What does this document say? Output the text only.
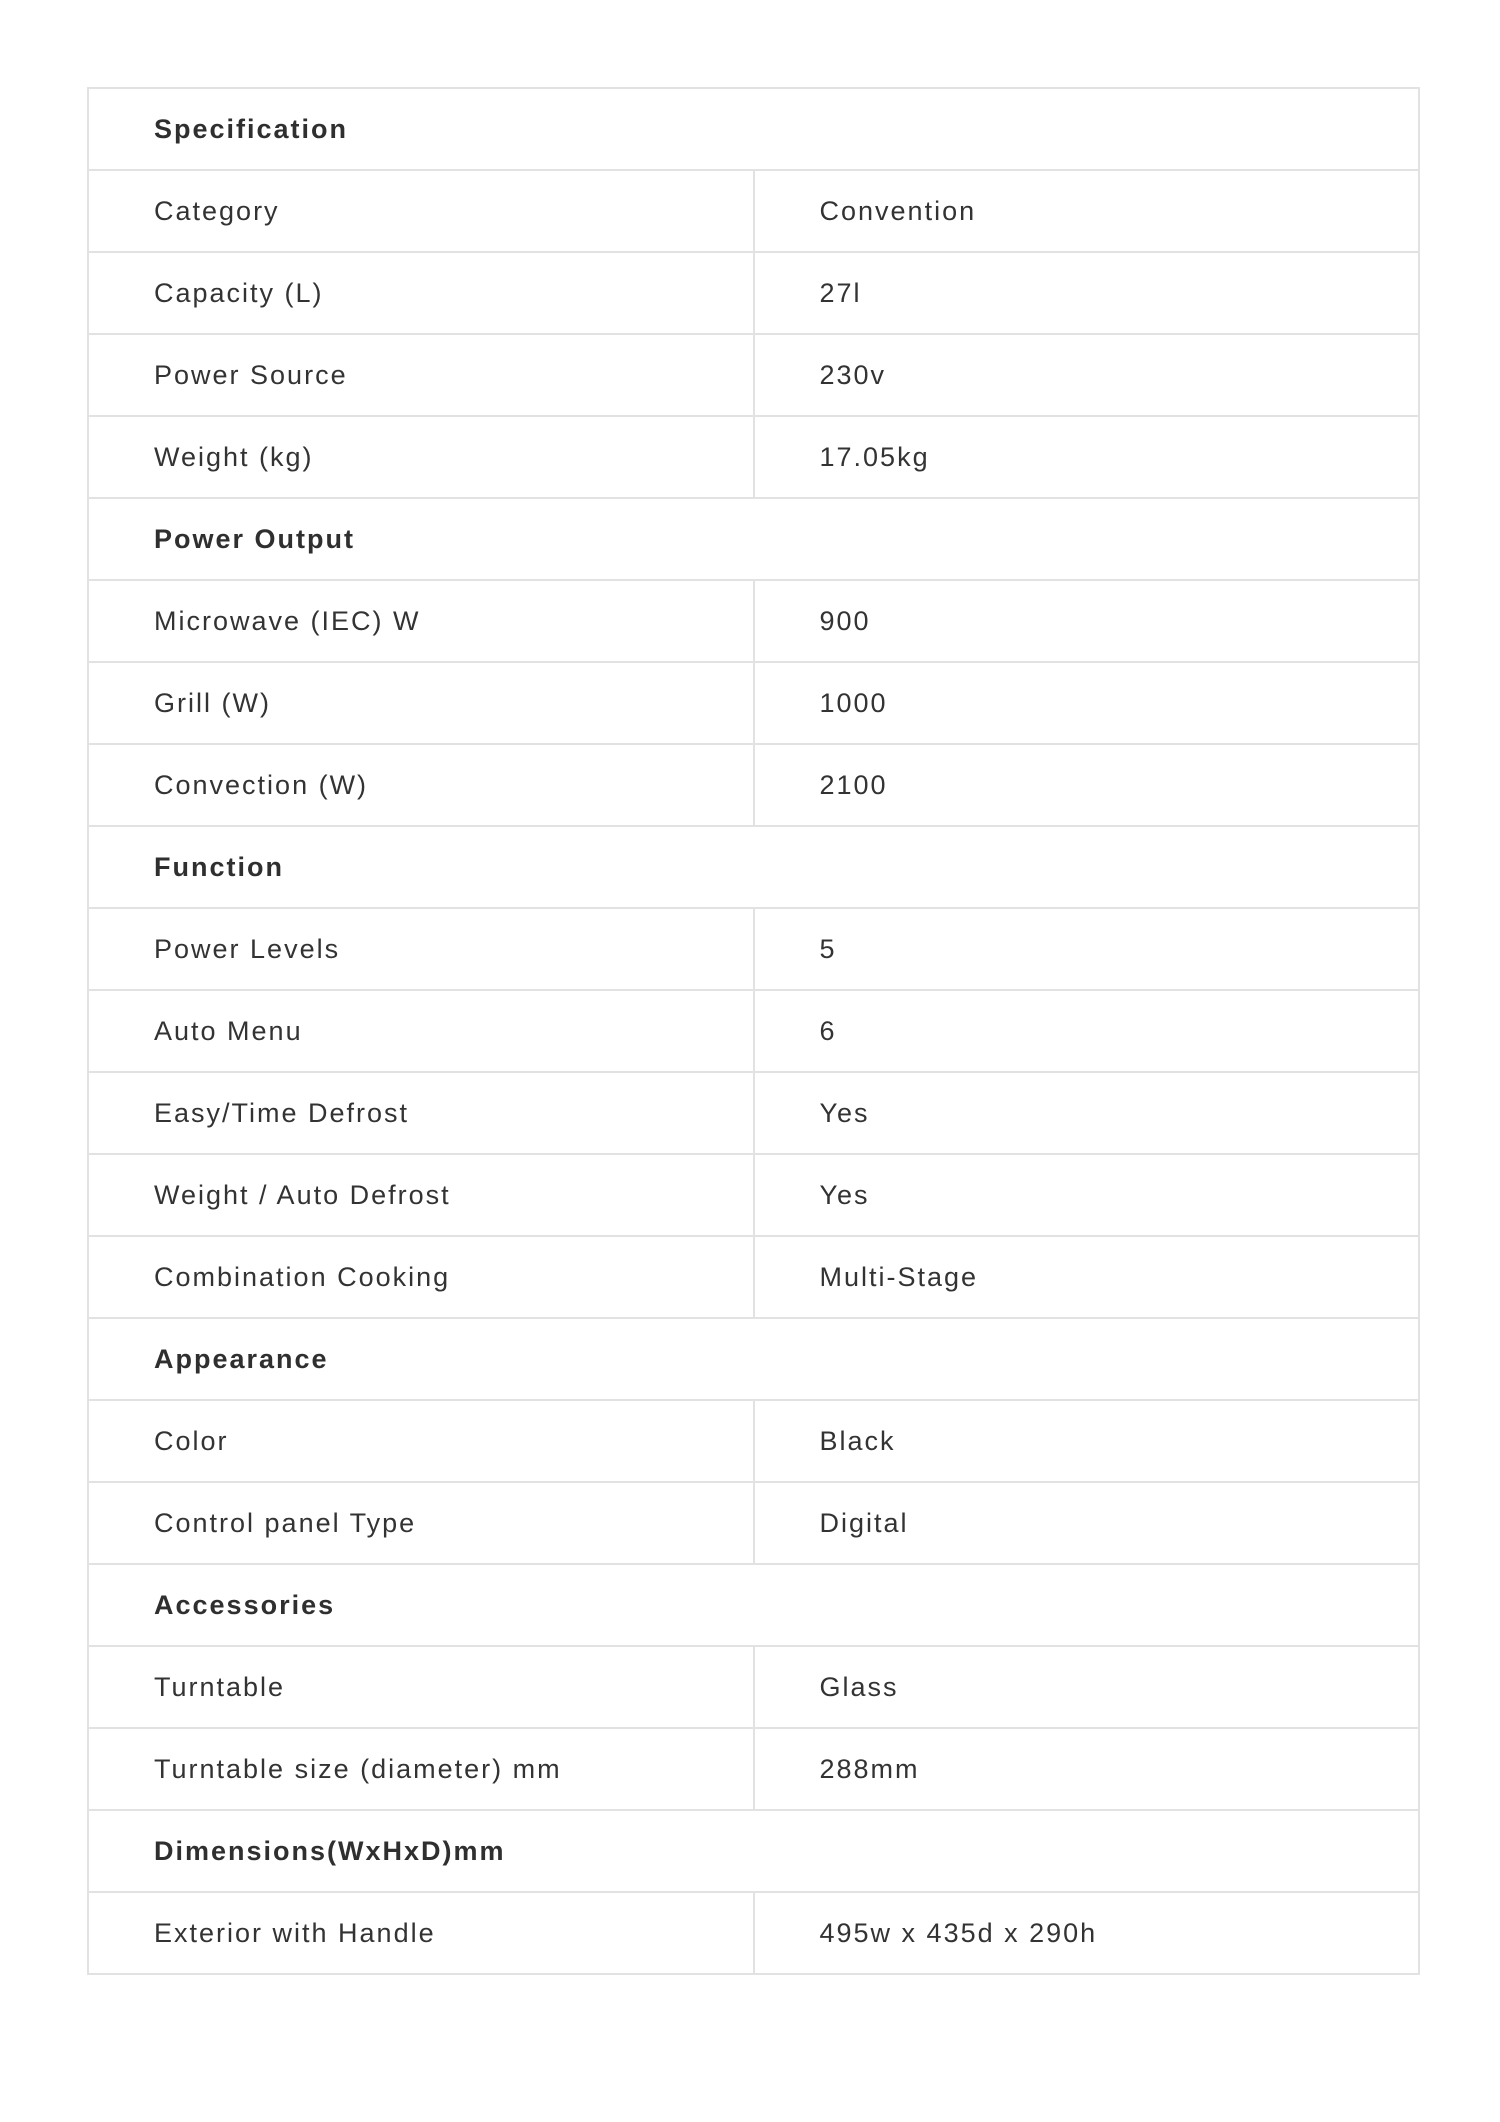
Specification	
Category	Convention
Capacity (L)	27l
Power Source	230v
Weight (kg)	17.05kg
Power Output	
Microwave (IEC) W	900
Grill (W)	1000
Convection (W)	2100
Function	
Power Levels	5
Auto Menu	6
Easy/Time Defrost	Yes
Weight / Auto Defrost	Yes
Combination Cooking	Multi-Stage
Appearance	
Color	Black
Control panel Type	Digital
Accessories	
Turntable	Glass
Turntable size (diameter) mm	288mm
Dimensions(WxHxD)mm	
Exterior with Handle	495w x 435d x 290h
